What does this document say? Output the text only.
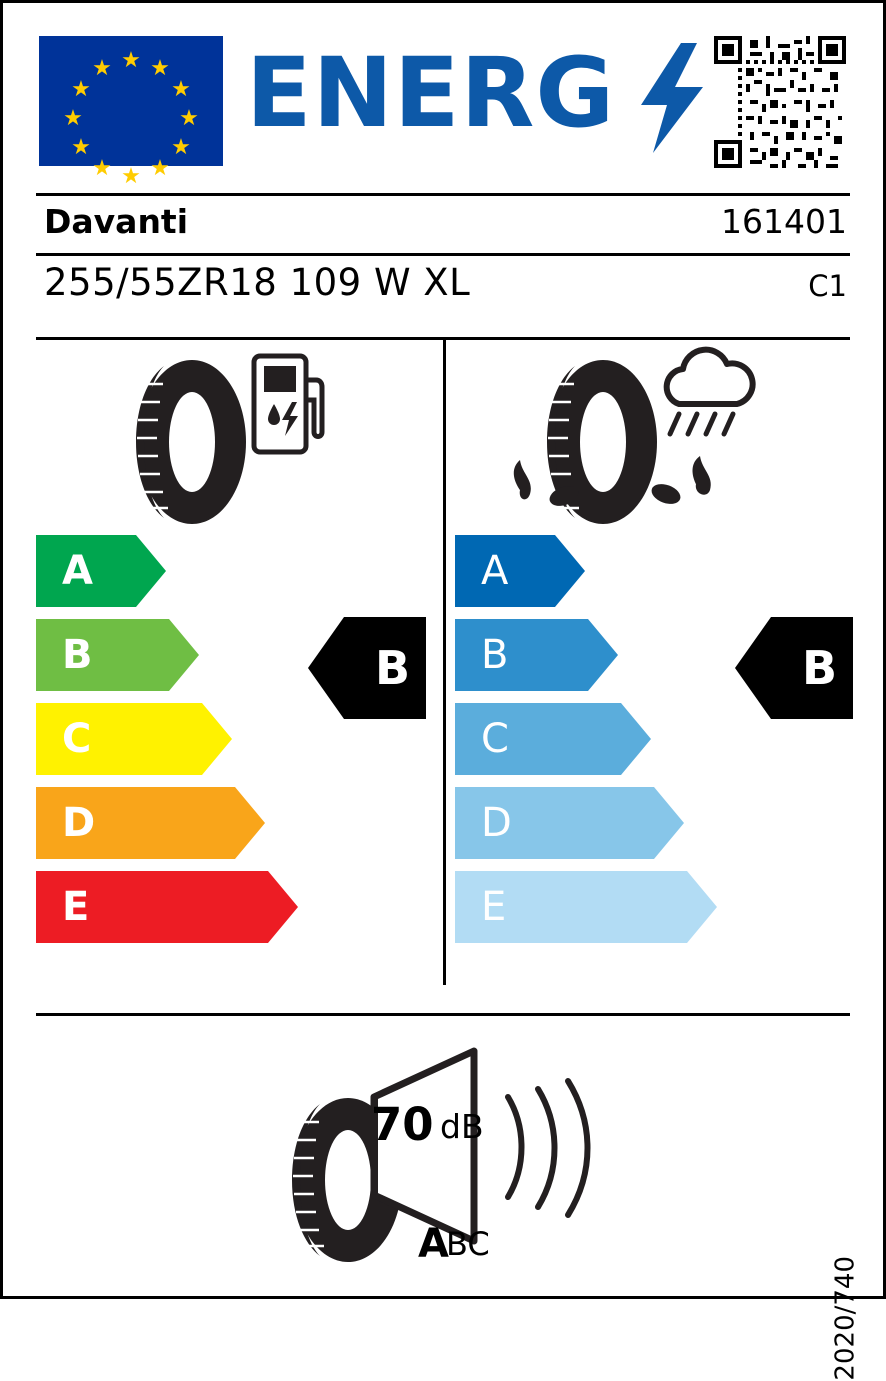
★ ★
★
★
★
★
★
★
★
★
★
★ ENERG
Davanti	161401
255/55ZR18 109 W XL	C1
A
B
C
D
E
B
A
B
C
D
E
B
70 dB
A
BC
2020/740
